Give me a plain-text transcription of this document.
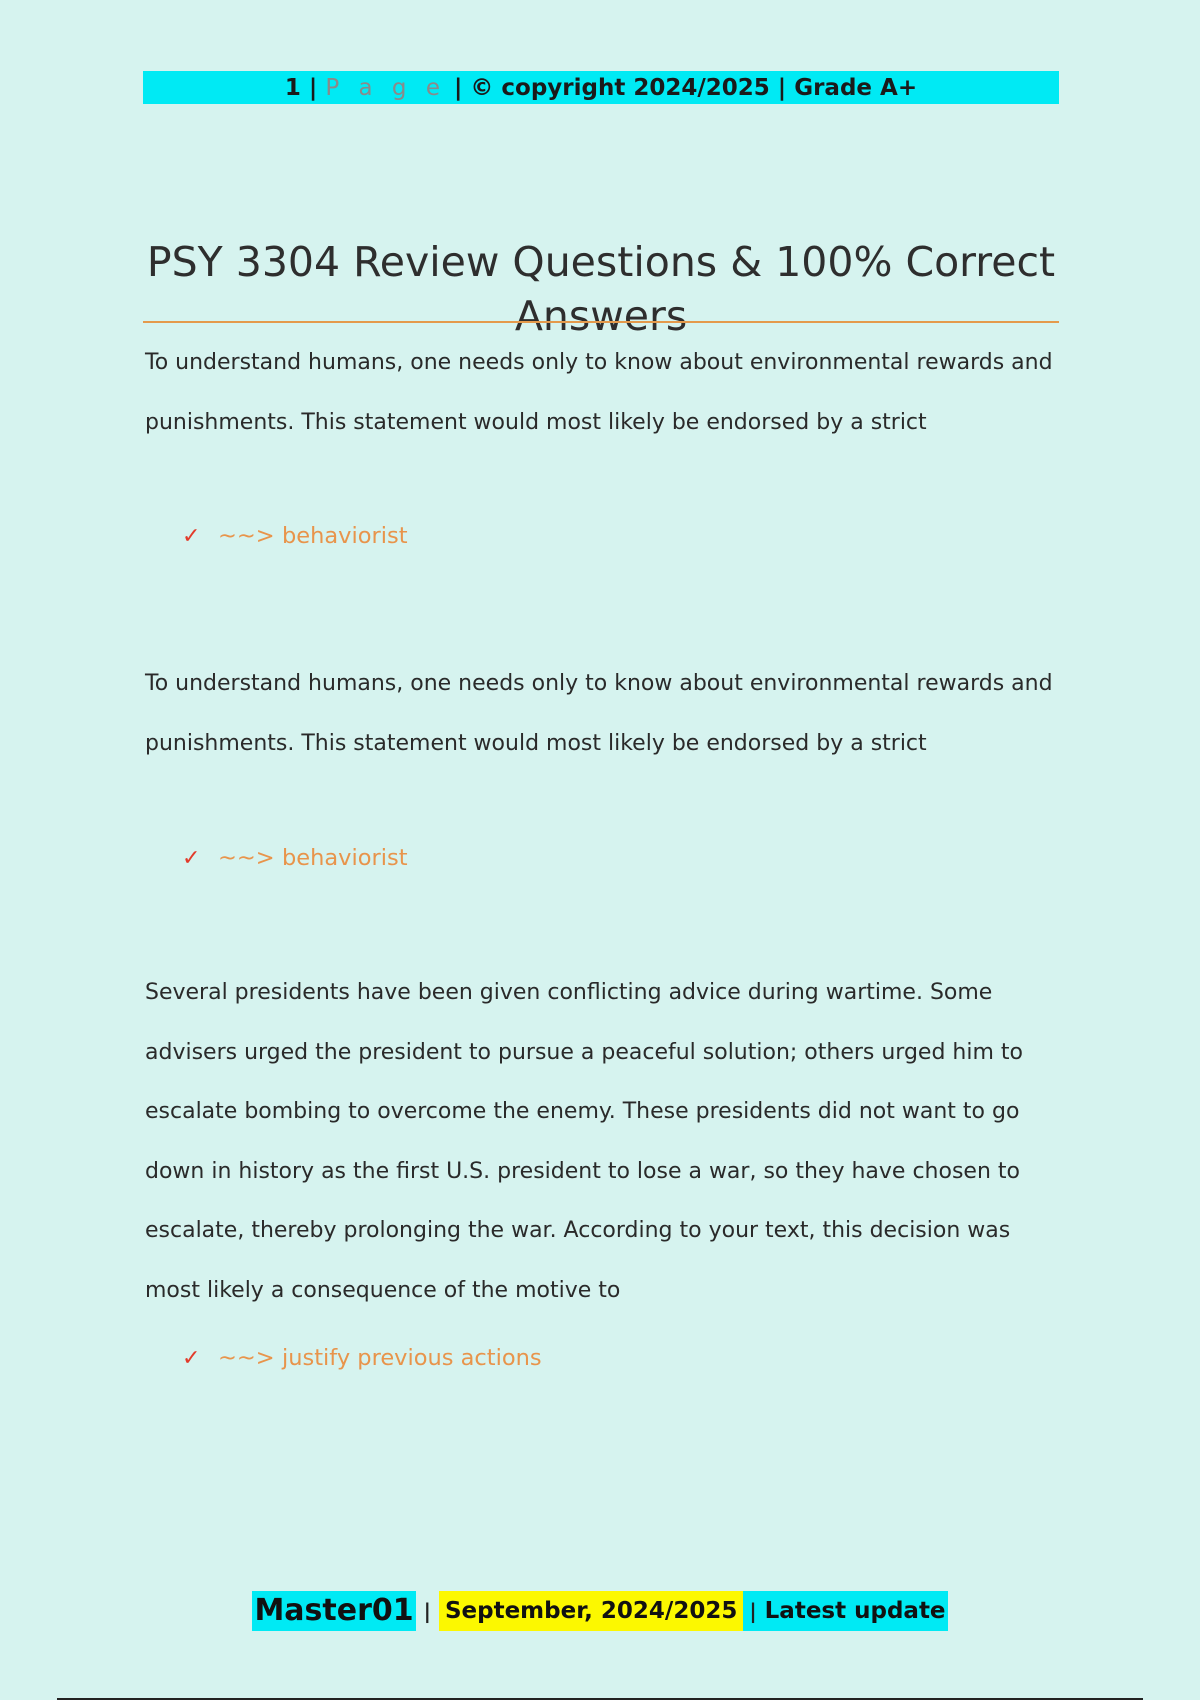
1 | P a g e | © copyright 2024/2025 | Grade A+
PSY 3304 Review Questions & 100% Correct Answers

To understand humans, one needs only to know about environmental rewards and punishments. This statement would most likely be endorsed by a strict

✓ ~~> behaviorist

To understand humans, one needs only to know about environmental rewards and punishments. This statement would most likely be endorsed by a strict

✓ ~~> behaviorist

Several presidents have been given conflicting advice during wartime. Some advisers urged the president to pursue a peaceful solution; others urged him to escalate bombing to overcome the enemy. These presidents did not want to go down in history as the first U.S. president to lose a war, so they have chosen to escalate, thereby prolonging the war. According to your text, this decision was most likely a consequence of the motive to

✓ ~~> justify previous actions
Master01 | September, 2024/2025 | Latest update
